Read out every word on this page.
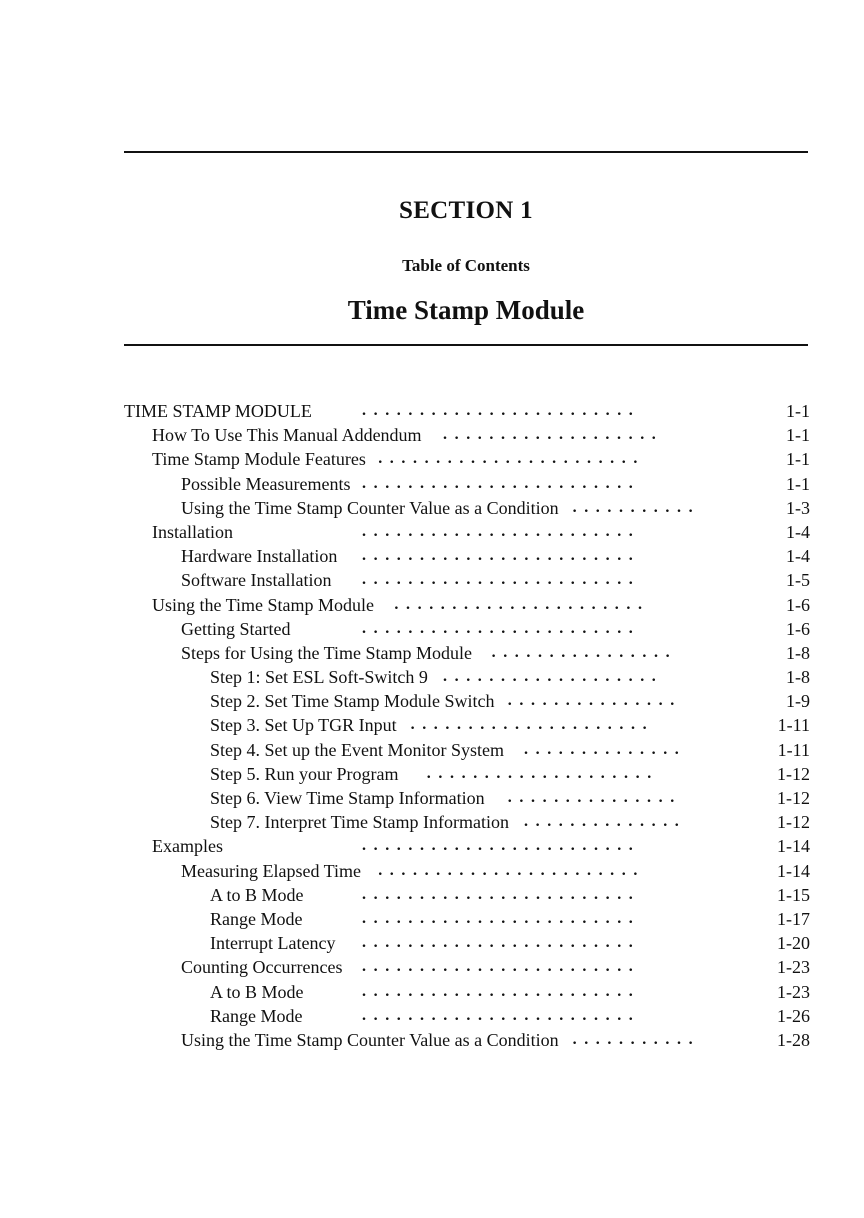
SECTION 1
Table of Contents
Time Stamp Module
TIME STAMP MODULE	........................	1-1
How To Use This Manual Addendum ...................	1-1
Time Stamp Module Features .......................	1-1
Possible Measurements ........................	1-1
Using the Time Stamp Counter Value as a Condition ...........	1-3
Installation	........................	1-4
Hardware Installation ........................	1-4
Software Installation ........................	1-5
Using the Time Stamp Module ......................	1-6
Getting Started	........................	1-6
Steps for Using the Time Stamp Module ................	1-8
Step 1: Set ESL Soft-Switch 9 ...................	1-8
Step 2. Set Time Stamp Module Switch ...............	1-9
Step 3. Set Up TGR Input .....................	1-11
Step 4. Set up the Event Monitor System ..............	1-11
Step 5. Run your Program ....................	1-12
Step 6. View Time Stamp Information ...............	1-12
Step 7. Interpret Time Stamp Information ..............	1-12
Examples	........................	1-14
Measuring Elapsed Time .......................	1-14
A to B Mode	........................	1-15
Range Mode	........................	1-17
Interrupt Latency ........................	1-20
Counting Occurrences ........................	1-23
A to B Mode	........................	1-23
Range Mode	........................	1-26
Using the Time Stamp Counter Value as a Condition ...........	1-28
